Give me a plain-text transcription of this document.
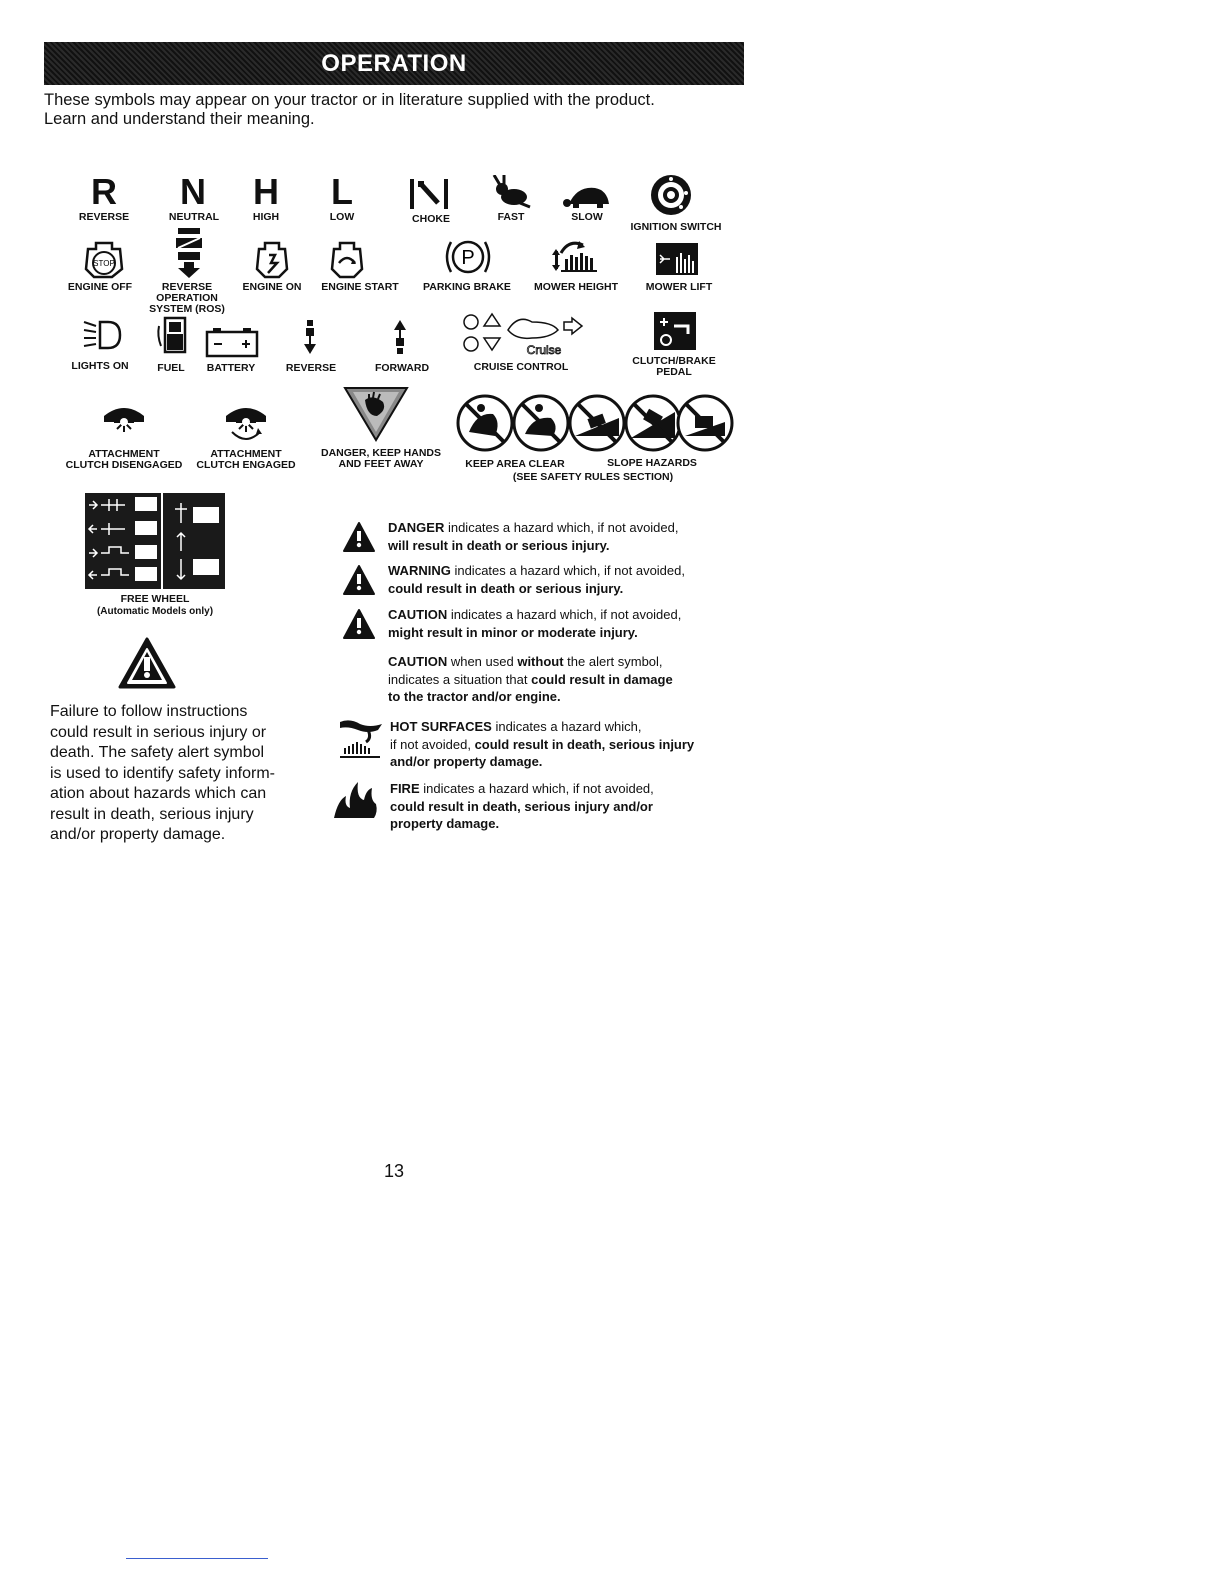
OPERATION
These symbols may appear on your tractor or in literature supplied with the product.
Learn and understand their meaning.
R
REVERSE
N
NEUTRAL
H
HIGH
L
LOW	CHOKE	FAST	SLOW
IGNITION SWITCH
STOP
ENGINE OFF	REVERSE
OPERATION
SYSTEM (ROS)
ENGINE ON ENGINE START
P
PARKING BRAKE MOWER HEIGHT	MOWER LIFT
LIGHTS ON	FUEL BATTERY	REVERSE	FORWARD
Cruise
CRUISE CONTROL	CLUTCH/BRAKE
PEDAL
ATTACHMENT
CLUTCH DISENGAGED
ATTACHMENT
CLUTCH ENGAGED
DANGER, KEEP HANDS
AND FEET AWAY	KEEP AREA CLEAR	SLOPE HAZARDS
(SEE SAFETY RULES SECTION)
FREE WHEEL
(Automatic Models only)
Failure to follow instructions
could result in serious injury or
death. The safety alert symbol
is used to identify safety inform-
ation about hazards which can
result in death, serious injury
and/or property damage.
DANGER indicates a hazard which, if not avoided,
will result in death or serious injury.
WARNING indicates a hazard which, if not avoided,
could result in death or serious injury.
CAUTION indicates a hazard which, if not avoided,
might result in minor or moderate injury.
CAUTION when used without the alert symbol,
indicates a situation that could result in damage
to the tractor and/or engine.
HOT SURFACES indicates a hazard which,
if not avoided, could result in death, serious injury
and/or property damage.
FIRE indicates a hazard which, if not avoided,
could result in death, serious injury and/or
property damage.
13
